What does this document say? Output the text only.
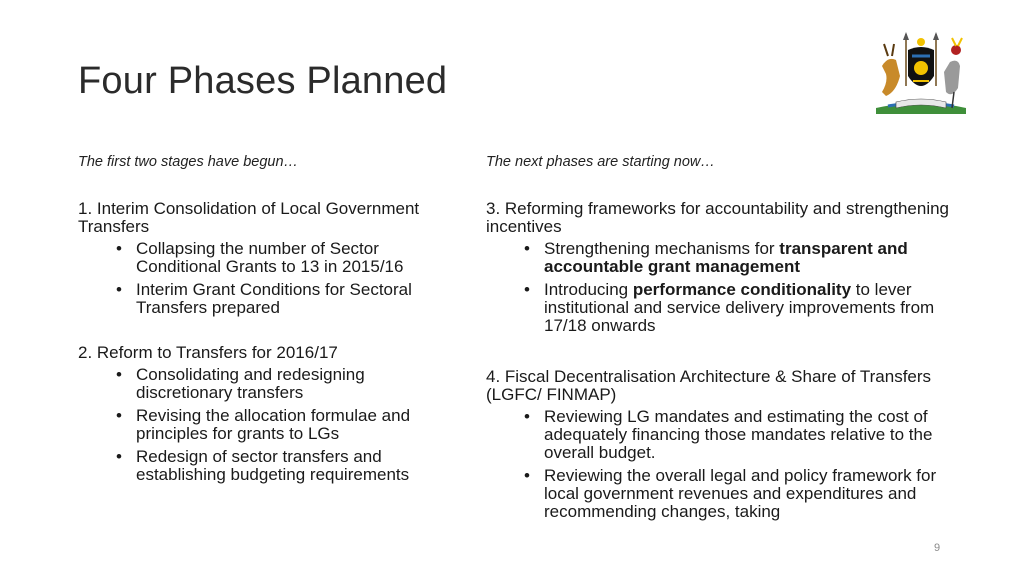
Four Phases Planned

The first two stages have begun…

1. Interim Consolidation of Local Government Transfers

• Collapsing the number of Sector Conditional Grants to 13 in 2015/16
• Interim Grant Conditions for Sectoral Transfers prepared

2. Reform to Transfers for 2016/17

• Consolidating and redesigning discretionary transfers
• Revising the allocation formulae and principles for grants to LGs
• Redesign of sector transfers and establishing budgeting requirements

The next phases are starting now…

3. Reforming frameworks for accountability and strengthening incentives

• Strengthening mechanisms for transparent and accountable grant management
• Introducing performance conditionality to lever institutional and service delivery improvements from 17/18 onwards

4. Fiscal Decentralisation Architecture & Share of Transfers (LGFC/ FINMAP)

• Reviewing LG mandates and estimating the cost of adequately financing those mandates relative to the overall budget.
• Reviewing the overall legal and policy framework for local government revenues and expenditures and recommending changes, taking
9
